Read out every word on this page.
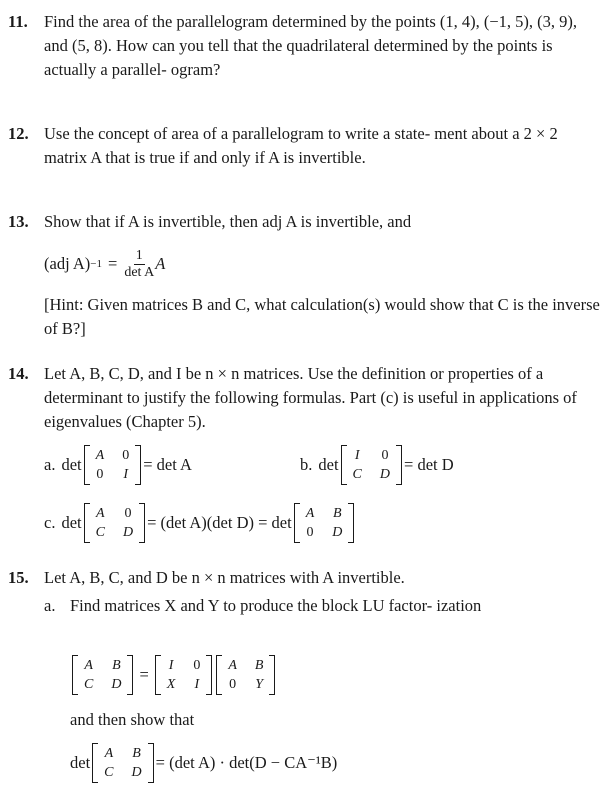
11. Find the area of the parallelogram determined by the points (1, 4), (−1, 5), (3, 9), and (5, 8). How can you tell that the quadrilateral determined by the points is actually a parallel- ogram?
12. Use the concept of area of a parallelogram to write a state- ment about a 2 × 2 matrix A that is true if and only if A is invertible.
13. Show that if A is invertible, then adj A is invertible, and
(adj $A) -1 = \frac{1}{\text{det A}}$ A
[Hint: Given matrices B and C, what calculation(s) would show that C is the inverse of B?]
14. Let A, B, C, D, and I be n × n matrices. Use the definition or properties of a determinant to justify the following formulas. Part (c) is useful in applications of eigenvalues (Chapter 5).
a. det A 0
0 I
= det A	b. det I 0
C D
= det D
c. det A 0
C D
= (det A)(det D) = det A B
0 D
15. Let A, B, C, and D be n × n matrices with A invertible.
a. Find matrices X and Y to produce the block LU factor- ization
A B
C D
= I 0
X I
A B
0 Y
and then show that
det A B
C D
= (det A) · det(D − CA⁻¹B)
